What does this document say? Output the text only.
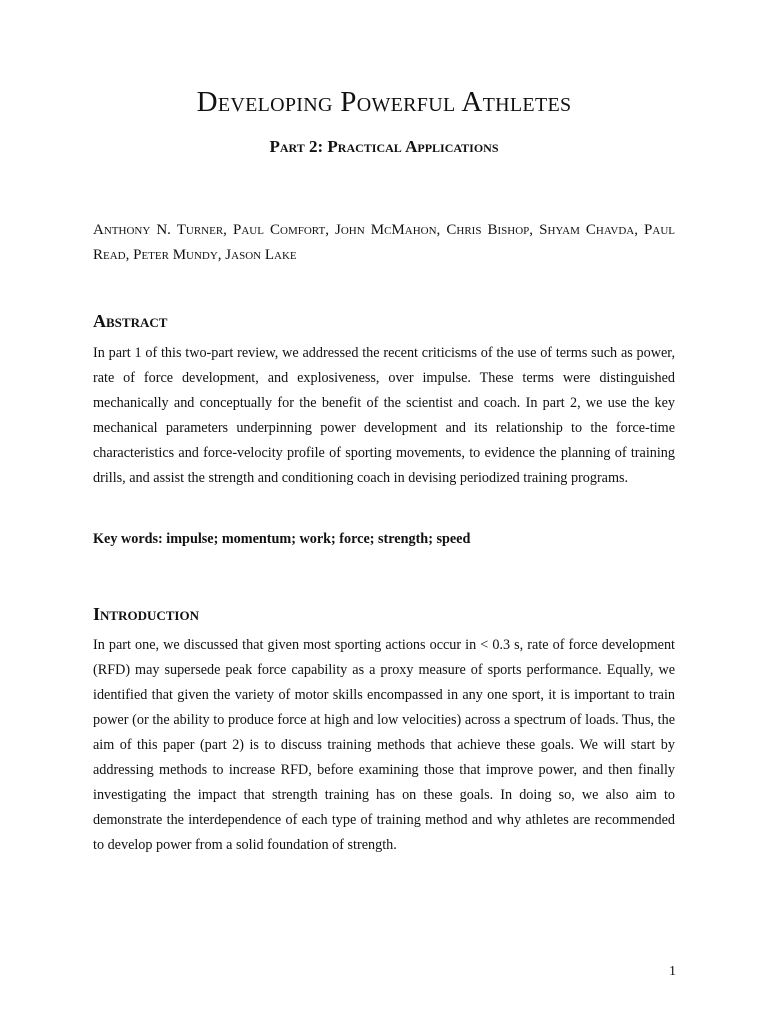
Developing Powerful Athletes
Part 2: Practical Applications

Anthony N. Turner, Paul Comfort, John McMahon, Chris Bishop, Shyam Chavda, Paul Read, Peter Mundy, Jason Lake

Abstract

In part 1 of this two-part review, we addressed the recent criticisms of the use of terms such as power, rate of force development, and explosiveness, over impulse. These terms were distinguished mechanically and conceptually for the benefit of the scientist and coach. In part 2, we use the key mechanical parameters underpinning power development and its relationship to the force-time characteristics and force-velocity profile of sporting movements, to evidence the planning of training drills, and assist the strength and conditioning coach in devising periodized training programs.

Key words: impulse; momentum; work; force; strength; speed

Introduction

In part one, we discussed that given most sporting actions occur in < 0.3 s, rate of force development (RFD) may supersede peak force capability as a proxy measure of sports performance. Equally, we identified that given the variety of motor skills encompassed in any one sport, it is important to train power (or the ability to produce force at high and low velocities) across a spectrum of loads. Thus, the aim of this paper (part 2) is to discuss training methods that achieve these goals. We will start by addressing methods to increase RFD, before examining those that improve power, and then finally investigating the impact that strength training has on these goals. In doing so, we also aim to demonstrate the interdependence of each type of training method and why athletes are recommended to develop power from a solid foundation of strength.

1
